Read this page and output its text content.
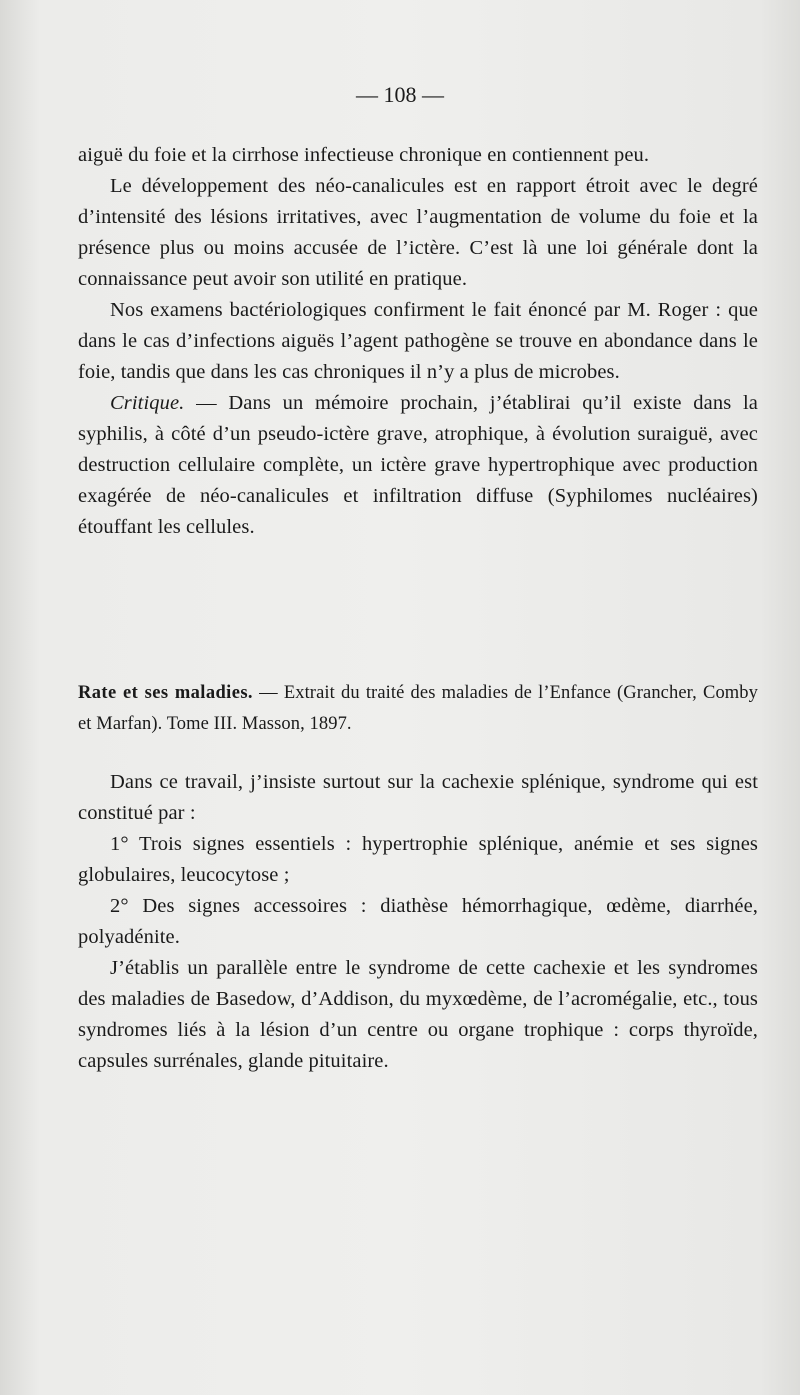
— 108 —

aiguë du foie et la cirrhose infectieuse chronique en contiennent peu.

Le développement des néo-canalicules est en rapport étroit avec le degré d’intensité des lésions irritatives, avec l’augmentation de volume du foie et la présence plus ou moins accusée de l’ictère. C’est là une loi générale dont la connaissance peut avoir son utilité en pratique.

Nos examens bactériologiques confirment le fait énoncé par M. Roger : que dans le cas d’infections aiguës l’agent pathogène se trouve en abondance dans le foie, tandis que dans les cas chroniques il n’y a plus de microbes.

Critique. — Dans un mémoire prochain, j’établirai qu’il existe dans la syphilis, à côté d’un pseudo-ictère grave, atrophique, à évolution suraiguë, avec destruction cellulaire complète, un ictère grave hypertrophique avec production exagérée de néo-canalicules et infiltration diffuse (Syphilomes nucléaires) étouffant les cellules.

Rate et ses maladies. — Extrait du traité des maladies de l’Enfance (Grancher, Comby et Marfan). Tome III. Masson, 1897.

Dans ce travail, j’insiste surtout sur la cachexie splénique, syndrome qui est constitué par :

1° Trois signes essentiels : hypertrophie splénique, anémie et ses signes globulaires, leucocytose ;

2° Des signes accessoires : diathèse hémorrhagique, œdème, diarrhée, polyadénite.

J’établis un parallèle entre le syndrome de cette cachexie et les syndromes des maladies de Basedow, d’Addison, du myxœdème, de l’acromégalie, etc., tous syndromes liés à la lésion d’un centre ou organe trophique : corps thyroïde, capsules surrénales, glande pituitaire.
